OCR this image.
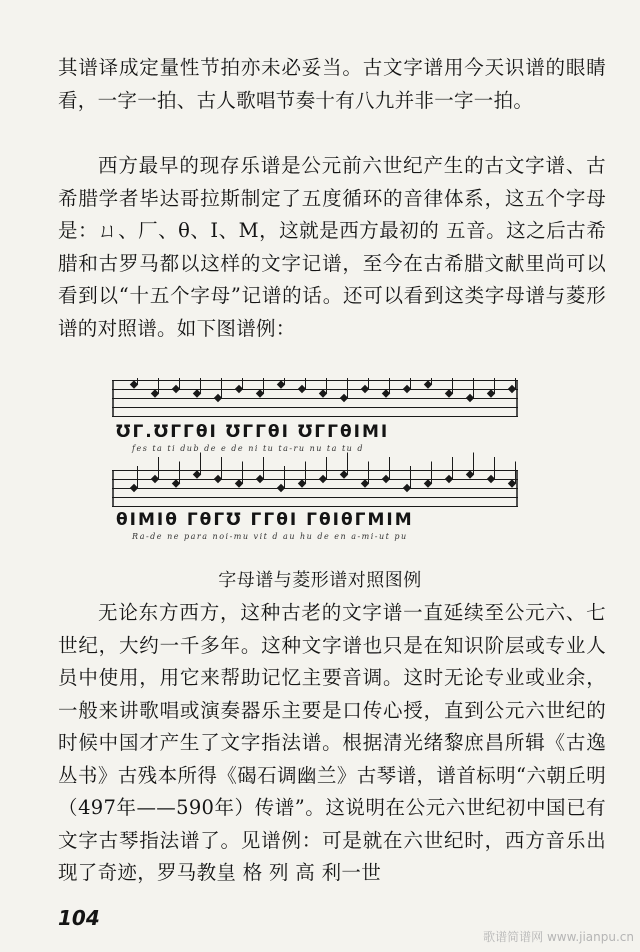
其谱译成定量性节拍亦未必妥当。古文字谱用今天识谱的眼睛看，一字一拍、古人歌唱节奏十有八九并非一字一拍。

西方最早的现存乐谱是公元前六世纪产生的古文字谱、古希腊学者毕达哥拉斯制定了五度循环的音律体系，这五个字母是：ㄩ、厂、θ、I、M，这就是西方最初的 五音。这之后古希腊和古罗马都以这样的文字记谱，至今在古希腊文献里尚可以看到以“十五个字母”记谱的话。还可以看到这类字母谱与菱形谱的对照谱。如下图谱例：

ƱΓ.ƱΓΓθΙ ƱΓΓθΙ ƱΓΓθΙΜΙ
fes ta ti dub de e de ni tu ta-ru nu ta tu d
θΙΜΙθ ΓθΓƱ ΓΓθΙ ΓθΙθΓΜΙΜ
Ra-de ne para noi-mu vit d au hu de en a-mi-ut pu
字母谱与菱形谱对照图例

无论东方西方，这种古老的文字谱一直延续至公元六、七世纪，大约一千多年。这种文字谱也只是在知识阶层或专业人员中使用，用它来帮助记忆主要音调。这时无论专业或业余，一般来讲歌唱或演奏器乐主要是口传心授，直到公元六世纪的时候中国才产生了文字指法谱。根据清光绪黎庶昌所辑《古逸丛书》古残本所得《碣石调幽兰》古琴谱，谱首标明“六朝丘明（497年——590年）传谱”。这说明在公元六世纪初中国已有文字古琴指法谱了。见谱例：可是就在六世纪时，西方音乐出现了奇迹，罗马教皇 格 列 高 利一世

104
歌谱简谱网 www.jianpu.cn
